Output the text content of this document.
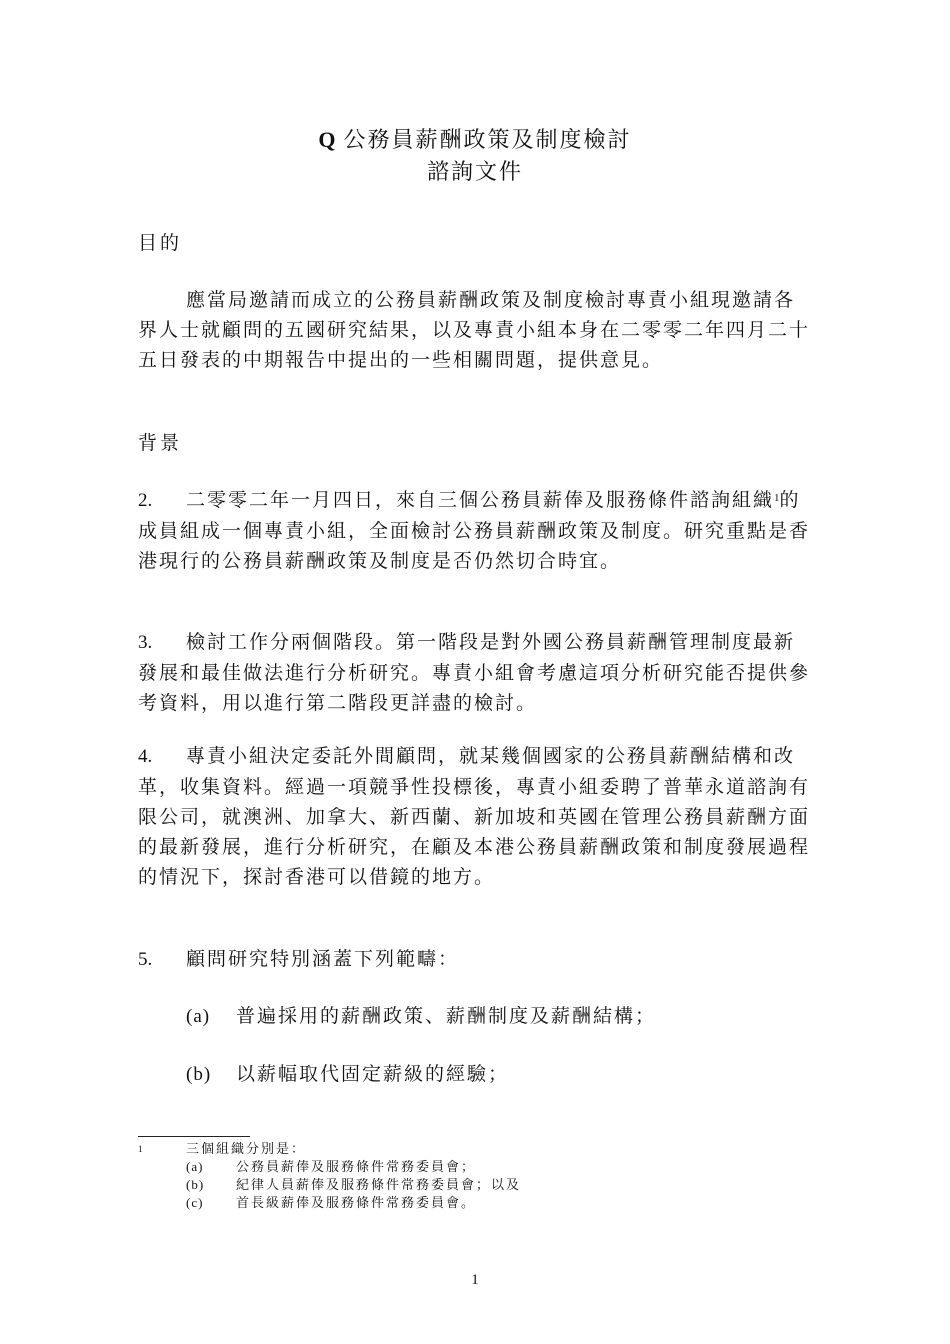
Q 公務員薪酬政策及制度檢討
諮詢文件
目的
應當局邀請而成立的公務員薪酬政策及制度檢討專責小組現邀請各界人士就顧問的五國研究結果，以及專責小組本身在二零零二年四月二十五日發表的中期報告中提出的一些相關問題，提供意見。
背景
2. 二零零二年一月四日，來自三個公務員薪俸及服務條件諮詢組織$^1$的成員組成一個專責小組，全面檢討公務員薪酬政策及制度。研究重點是香港現行的公務員薪酬政策及制度是否仍然切合時宜。
3. 檢討工作分兩個階段。第一階段是對外國公務員薪酬管理制度最新發展和最佳做法進行分析研究。專責小組會考慮這項分析研究能否提供參考資料，用以進行第二階段更詳盡的檢討。
4. 專責小組決定委託外間顧問，就某幾個國家的公務員薪酬結構和改革，收集資料。經過一項競爭性投標後，專責小組委聘了普華永道諮詢有限公司，就澳洲、加拿大、新西蘭、新加坡和英國在管理公務員薪酬方面的最新發展，進行分析研究，在顧及本港公務員薪酬政策和制度發展過程的情況下，探討香港可以借鏡的地方。
5. 顧問研究特別涵蓋下列範疇：
(a) 普遍採用的薪酬政策、薪酬制度及薪酬結構；
(b) 以薪幅取代固定薪級的經驗；
1	三個組織分別是：
(a)	公務員薪俸及服務條件常務委員會；
(b) 紀律人員薪俸及服務條件常務委員會；以及
(c)	首長級薪俸及服務條件常務委員會。
1
